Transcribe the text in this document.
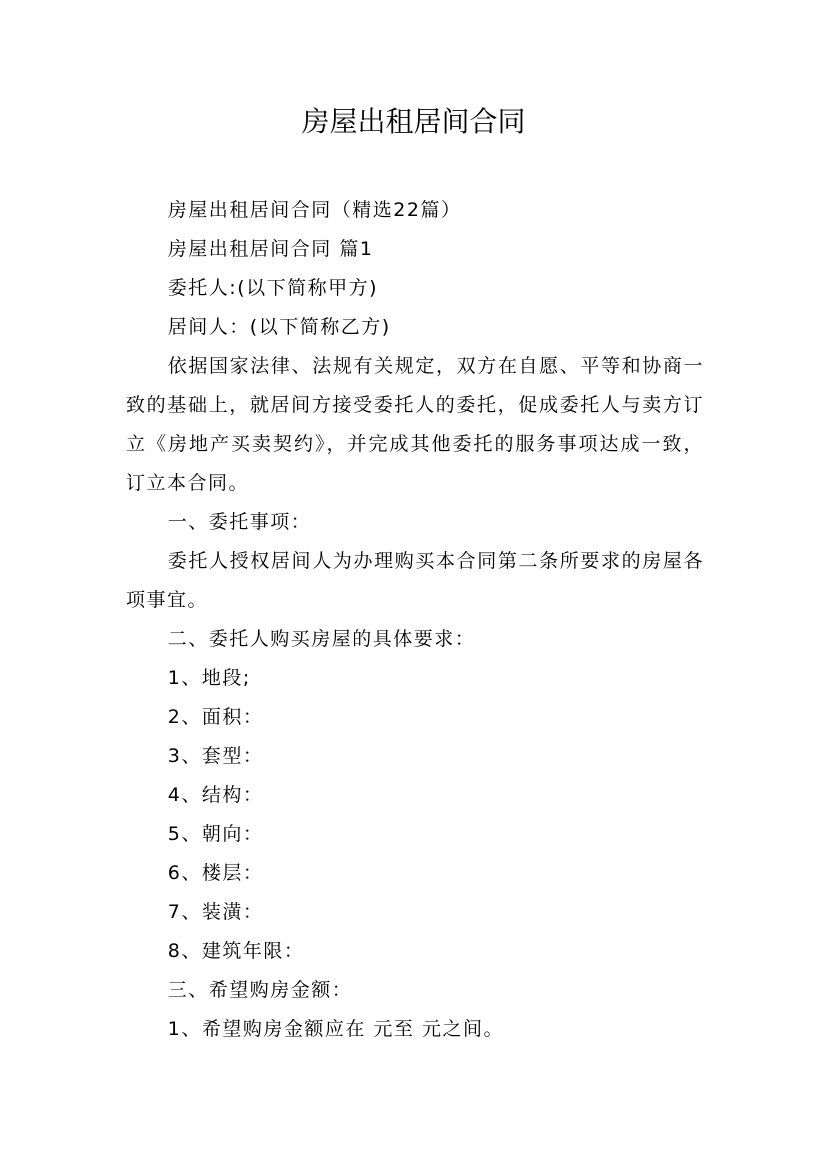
房屋出租居间合同

房屋出租居间合同（精选22篇）

房屋出租居间合同 篇1

委托人:(以下简称甲方)

居间人：(以下简称乙方)

依据国家法律、法规有关规定，双方在自愿、平等和协商一致的基础上，就居间方接受委托人的委托，促成委托人与卖方订立《房地产买卖契约》，并完成其他委托的服务事项达成一致，订立本合同。

一、委托事项：

委托人授权居间人为办理购买本合同第二条所要求的房屋各项事宜。

二、委托人购买房屋的具体要求：

1、地段;

2、面积：

3、套型：

4、结构：

5、朝向：

6、楼层：

7、装潢：

8、建筑年限：

三、希望购房金额：

1、希望购房金额应在 元至 元之间。
